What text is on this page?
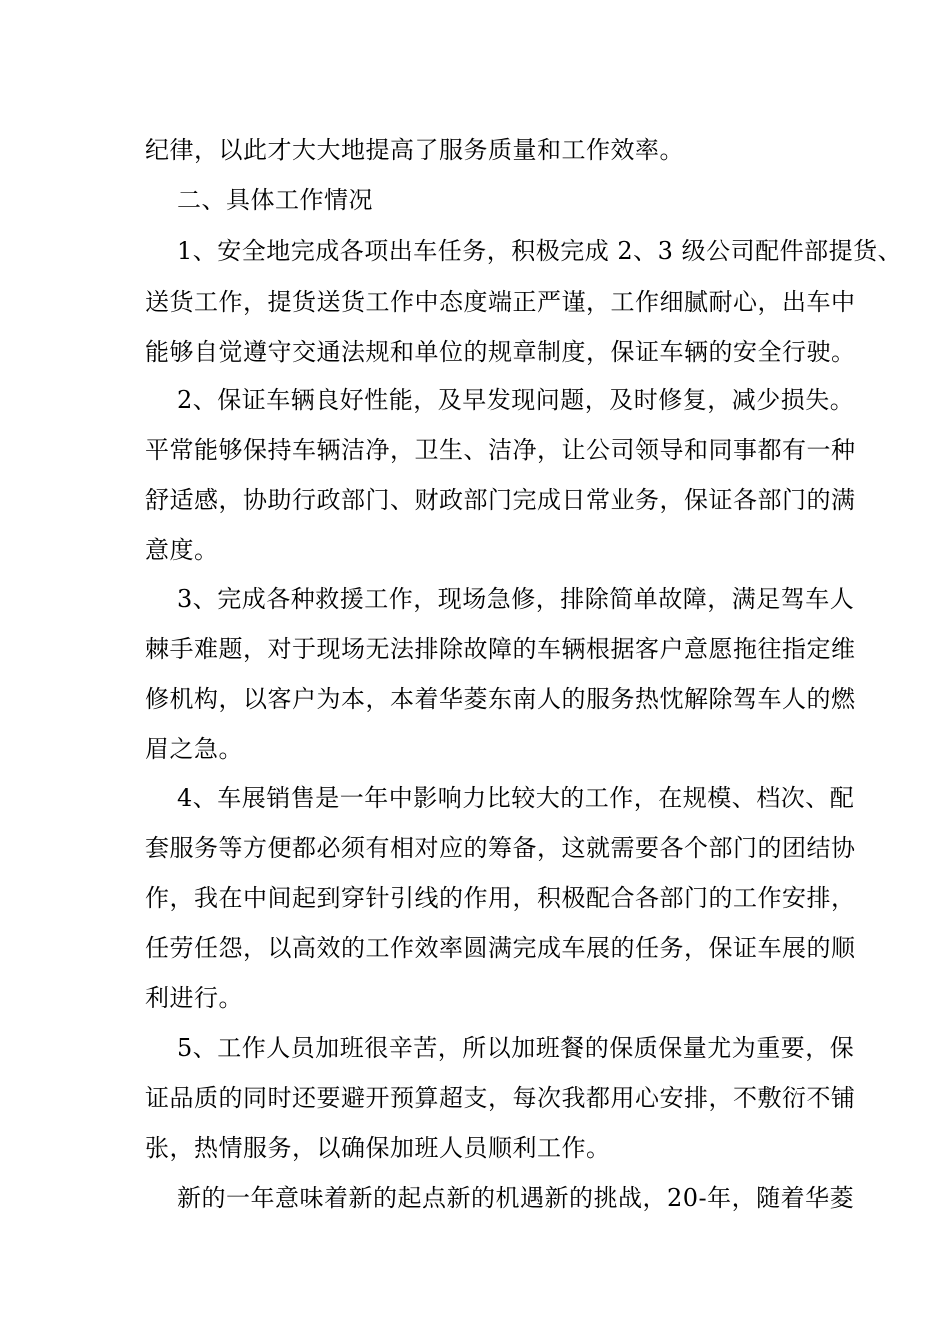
纪律，以此才大大地提高了服务质量和工作效率。
二、具体工作情况
1、安全地完成各项出车任务，积极完成 2、3 级公司配件部提货、
送货工作，提货送货工作中态度端正严谨，工作细腻耐心，出车中
能够自觉遵守交通法规和单位的规章制度，保证车辆的安全行驶。
2、保证车辆良好性能，及早发现问题，及时修复，减少损失。
平常能够保持车辆洁净，卫生、洁净，让公司领导和同事都有一种
舒适感，协助行政部门、财政部门完成日常业务，保证各部门的满
意度。
3、完成各种救援工作，现场急修，排除简单故障，满足驾车人
棘手难题，对于现场无法排除故障的车辆根据客户意愿拖往指定维
修机构，以客户为本，本着华菱东南人的服务热忱解除驾车人的燃
眉之急。
4、车展销售是一年中影响力比较大的工作，在规模、档次、配
套服务等方便都必须有相对应的筹备，这就需要各个部门的团结协
作，我在中间起到穿针引线的作用，积极配合各部门的工作安排，
任劳任怨，以高效的工作效率圆满完成车展的任务，保证车展的顺
利进行。
5、工作人员加班很辛苦，所以加班餐的保质保量尤为重要，保
证品质的同时还要避开预算超支，每次我都用心安排，不敷衍不铺
张，热情服务，以确保加班人员顺利工作。
新的一年意味着新的起点新的机遇新的挑战，20-年，随着华菱
